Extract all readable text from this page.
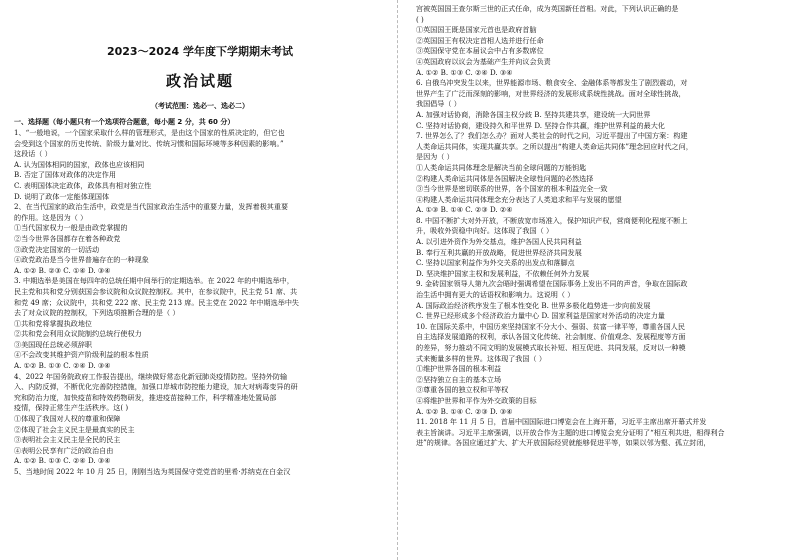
2023～2024 学年度下学期期末考试
政治试题
（考试范围：选必一、选必二）
一、选择题（每小题只有一个选项符合题意，每小题 2 分，共 60 分）
1、“一般地说，一个国家采取什么样的管理形式，是由这个国家的性质决定的，但它也
会受到这个国家的历史传统、阶级力量对比、传统习惯和国际环境等多种因素的影响。”
这段话（ ）
A. 认为国体相同的国家，政体也应该相同
B. 否定了国体对政体的决定作用
C. 表明国体决定政体，政体具有相对独立性
D. 说明了政体一定能体现国体
2、在当代国家的政治生活中，政党是当代国家政治生活中的重要力量，发挥着极其重要
的作用。这是因为（ ）
①当代国家权力一般是由政党掌握的
②当今世界各国都存在着各种政党
③政党决定国家的一切活动
④政党政治是当今世界普遍存在的一种现象
A. ①② B. ②③ C. ①④ D. ③④
3. 中期选举是美国在每四年的总统任期中间举行的定期选举。在 2022 年的中期选举中，
民主党和共和党分别获国会参议院和众议院控制权。其中，在参议院中，民主党 51 席、共
和党 49 席；众议院中，共和党 222 席、民主党 213 席。民主党在 2022 年中期选举中失
去了对众议院的控制权，下列选项推断合理的是（ ）
①共和党将掌握执政地位
②共和党会利用众议院制约总统行使权力
③美国现任总统必须辞职
④不会改变其维护资产阶级利益的根本性质
A. ①② B. ①③ C. ②④ D. ③④
4、2022 年国务院政府工作报告提出，继续做好常态化新冠肺炎疫情防控。坚持外防输
入、内防反弹，不断优化完善防控措施，加强口岸城市防控能力建设，加大对病毒变异的研
究和防治力度，加快疫苗和特效药物研发，推进疫苗接种工作，科学精准地处置局部
疫情，保持正常生产生活秩序。这( )
①体现了我国对人权的尊重和保障
②体现了社会主义民主是最真实的民主
③表明社会主义民主是全民的民主
④表明公民享有广泛的政治自由
A. ①② B. ①③ C. ②④ D. ③④
5、当地时间 2022 年 10 月 25 日，刚刚当选为英国保守党党首的里希·苏纳克在白金汉
宫被英国国王查尔斯三世的正式任命，成为英国新任首相。对此，下列认识正确的是
( )
①英国国王既是国家元首也是政府首脑
②英国国王有权决定首相人选并进行任命
③英国保守党在本届议会中占有多数席位
④英国政府以议会为基础产生并向议会负责
A. ①② B. ①③ C. ②④ D. ③④
6. 自俄乌冲突发生以来，世界能源市场、粮食安全、金融体系等都发生了剧烈震动，对
世界产生了广泛而深刻的影响，对世界经济的发展形成系统性挑战。面对全球性挑战，
我国倡导（ ）
A. 加强对话协商，消除各国主权分歧 B. 坚持共建共享，建设统一大同世界
C. 坚持对话协商，建设持久和平世界 D. 坚持合作共赢，维护世界利益的最大化
7. 世界怎么了？我们怎么办？面对人类社会的时代之问，习近平提出了中国方案：构建
人类命运共同体，实现共赢共享。之所以提出“构建人类命运共同体”理念回应时代之问，
是因为（ ）
①人类命运共同体理念是解决当前全球问题的万能钥匙
②构建人类命运共同体是各国解决全球性问题的必然选择
③当今世界是密切联系的世界，各个国家的根本利益完全一致
④构建人类命运共同体理念充分表达了人类追求和平与发展的愿望
A. ①③ B. ①④ C. ②③ D. ②④
8. 中国不断扩大对外开放，不断放宽市场准入，保护知识产权，营商便利化程度不断上
升，吸收外资稳中向好。这体现了我国（ ）
A. 以引进外资作为外交基点，维护各国人民共同利益
B. 奉行互利共赢的开放战略，促进世界经济共同发展
C. 坚持以国家利益作为外交关系的出发点和落脚点
D. 坚决维护国家主权和发展利益，不依赖任何外力发展
9. 金砖国家领导人第九次会晤时强调希望在国际事务上发出不同的声音，争取在国际政
治生活中拥有更大的话语权和影响力。这说明（ ）
A. 国际政治经济秩序发生了根本性变化 B. 世界多极化趋势进一步向前发展
C. 世界已经形成多个经济政治力量中心 D. 国家利益是国家对外活动的决定力量
10. 在国际关系中，中国历来坚持国家不分大小、强弱、贫富一律平等，尊重各国人民
自主选择发展道路的权利，承认各国文化传统、社会制度、价值观念、发展程度等方面
的差异，努力推动不同文明的发展模式取长补短、相互促进、共同发展，反对以一种模
式来衡量多样的世界。这体现了我国（ ）
①维护世界各国的根本利益
②坚持独立自主的基本立场
③尊重各国的独立权和平等权
④将维护世界和平作为外交政策的目标
A. ①② B. ①④ C. ②③ D. ③④
11. 2018 年 11 月 5 日，首届中国国际进口博览会在上海开幕，习近平主席出席开幕式并发
表主旨演讲。习近平主席强调，以开放合作为主题的进口博览会充分证明了“相互利共进，相得利合
进”的规律。各国应通过扩大、扩大开放国际经贸就能够促进平等，如果以邻为壑、孤立封闭，
